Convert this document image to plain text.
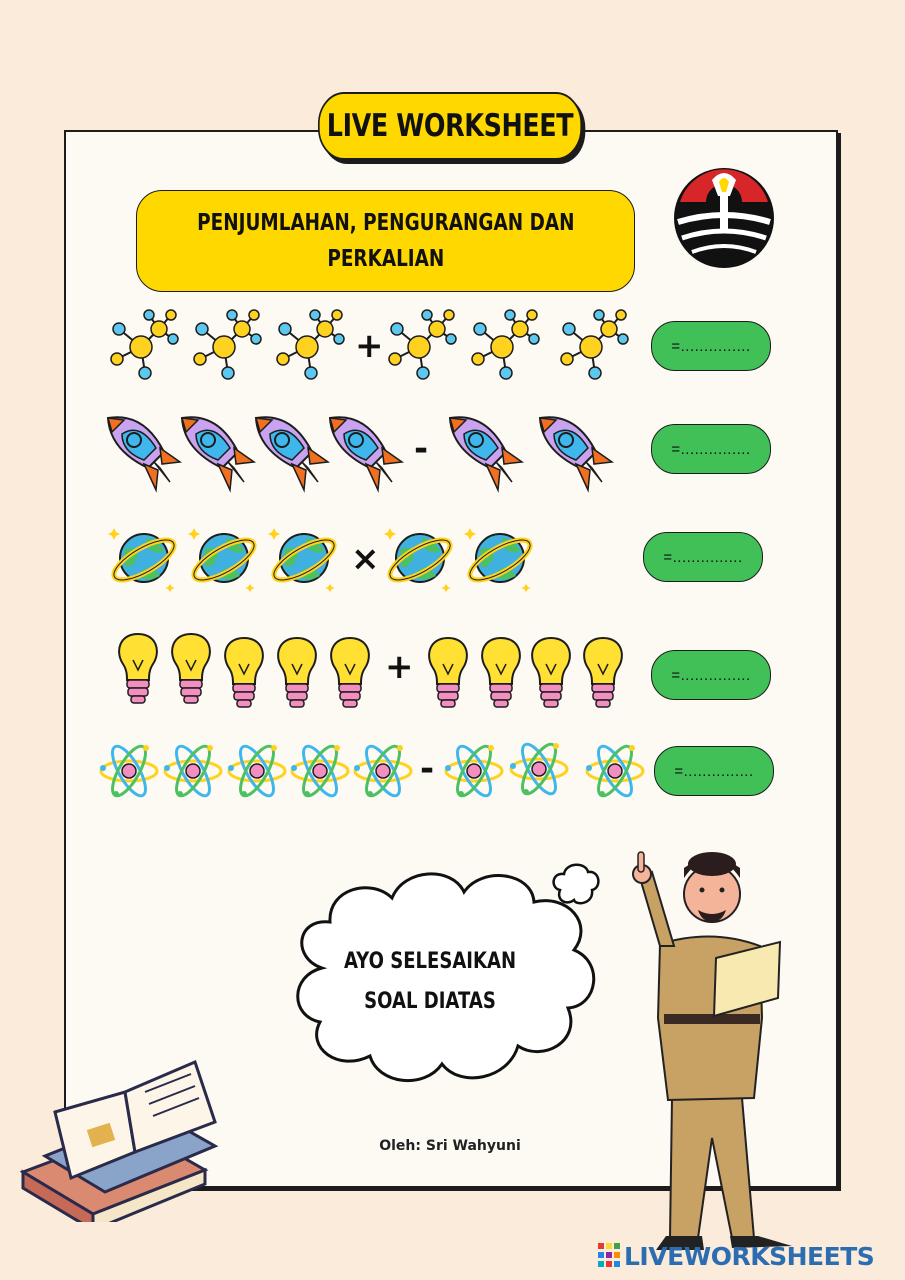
LIVE WORKSHEET
PENJUMLAHAN, PENGURANGAN DAN
PERKALIAN
+	=...............
-	=...............
×	=...............
+	=...............
-	=...............
AYO SELESAIKAN
SOAL DIATAS
Oleh: Sri Wahyuni
LIVEWORKSHEETS
